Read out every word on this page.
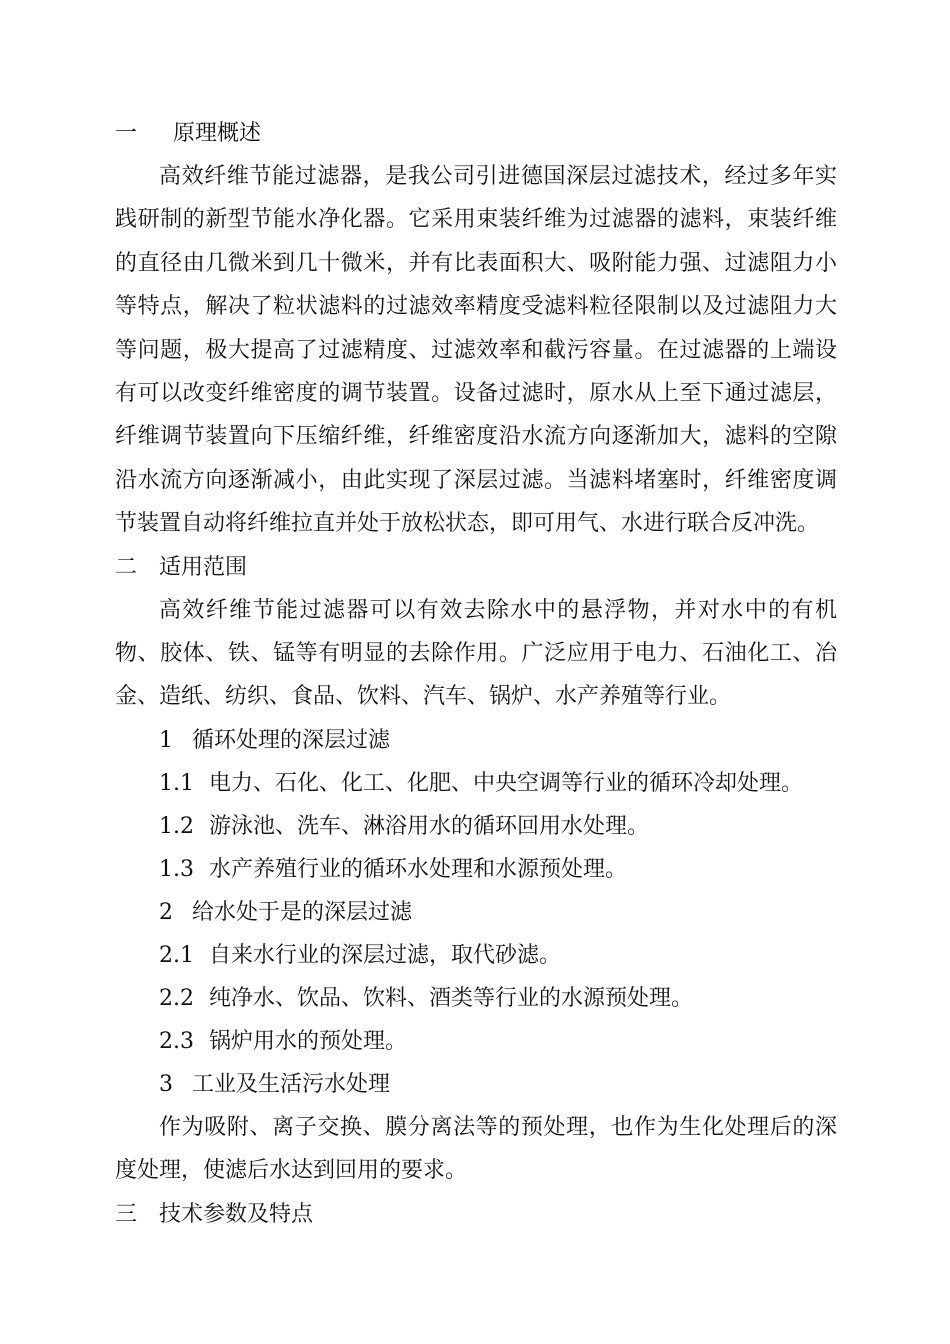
一 原理概述

高效纤维节能过滤器，是我公司引进德国深层过滤技术，经过多年实践研制的新型节能水净化器。它采用束装纤维为过滤器的滤料，束装纤维的直径由几微米到几十微米，并有比表面积大、吸附能力强、过滤阻力小等特点，解决了粒状滤料的过滤效率精度受滤料粒径限制以及过滤阻力大等问题，极大提高了过滤精度、过滤效率和截污容量。在过滤器的上端设有可以改变纤维密度的调节装置。设备过滤时，原水从上至下通过滤层，纤维调节装置向下压缩纤维，纤维密度沿水流方向逐渐加大，滤料的空隙沿水流方向逐渐减小，由此实现了深层过滤。当滤料堵塞时，纤维密度调节装置自动将纤维拉直并处于放松状态，即可用气、水进行联合反冲洗。

二 适用范围

高效纤维节能过滤器可以有效去除水中的悬浮物，并对水中的有机物、胶体、铁、锰等有明显的去除作用。广泛应用于电力、石油化工、冶金、造纸、纺织、食品、饮料、汽车、锅炉、水产养殖等行业。

1 循环处理的深层过滤
1.1 电力、石化、化工、化肥、中央空调等行业的循环冷却处理。
1.2 游泳池、洗车、淋浴用水的循环回用水处理。
1.3 水产养殖行业的循环水处理和水源预处理。
2 给水处于是的深层过滤
2.1 自来水行业的深层过滤，取代砂滤。
2.2 纯净水、饮品、饮料、酒类等行业的水源预处理。
2.3 锅炉用水的预处理。
3 工业及生活污水处理

作为吸附、离子交换、膜分离法等的预处理，也作为生化处理后的深度处理，使滤后水达到回用的要求。

三 技术参数及特点
